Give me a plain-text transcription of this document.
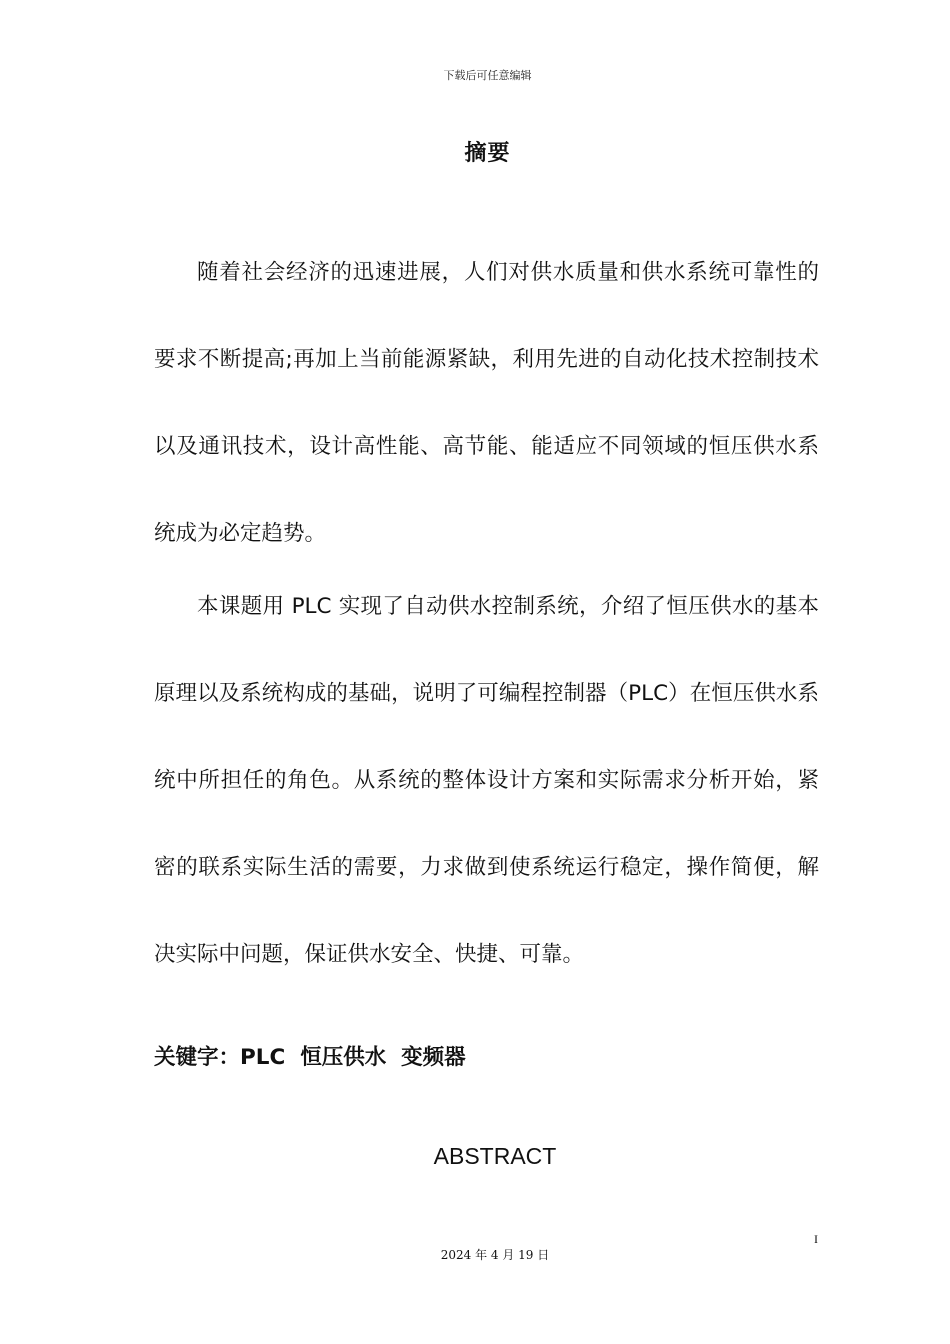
下载后可任意编辑
摘要

随着社会经济的迅速进展，人们对供水质量和供水系统可靠性的要求不断提高;再加上当前能源紧缺，利用先进的自动化技术控制技术以及通讯技术，设计高性能、高节能、能适应不同领域的恒压供水系统成为必定趋势。

本课题用 PLC 实现了自动供水控制系统，介绍了恒压供水的基本原理以及系统构成的基础，说明了可编程控制器（PLC）在恒压供水系统中所担任的角色。从系统的整体设计方案和实际需求分析开始，紧密的联系实际生活的需要，力求做到使系统运行稳定，操作简便，解决实际中问题，保证供水安全、快捷、可靠。

关键字：PLC  恒压供水  变频器
ABSTRACT
I
2024 年 4 月 19 日
